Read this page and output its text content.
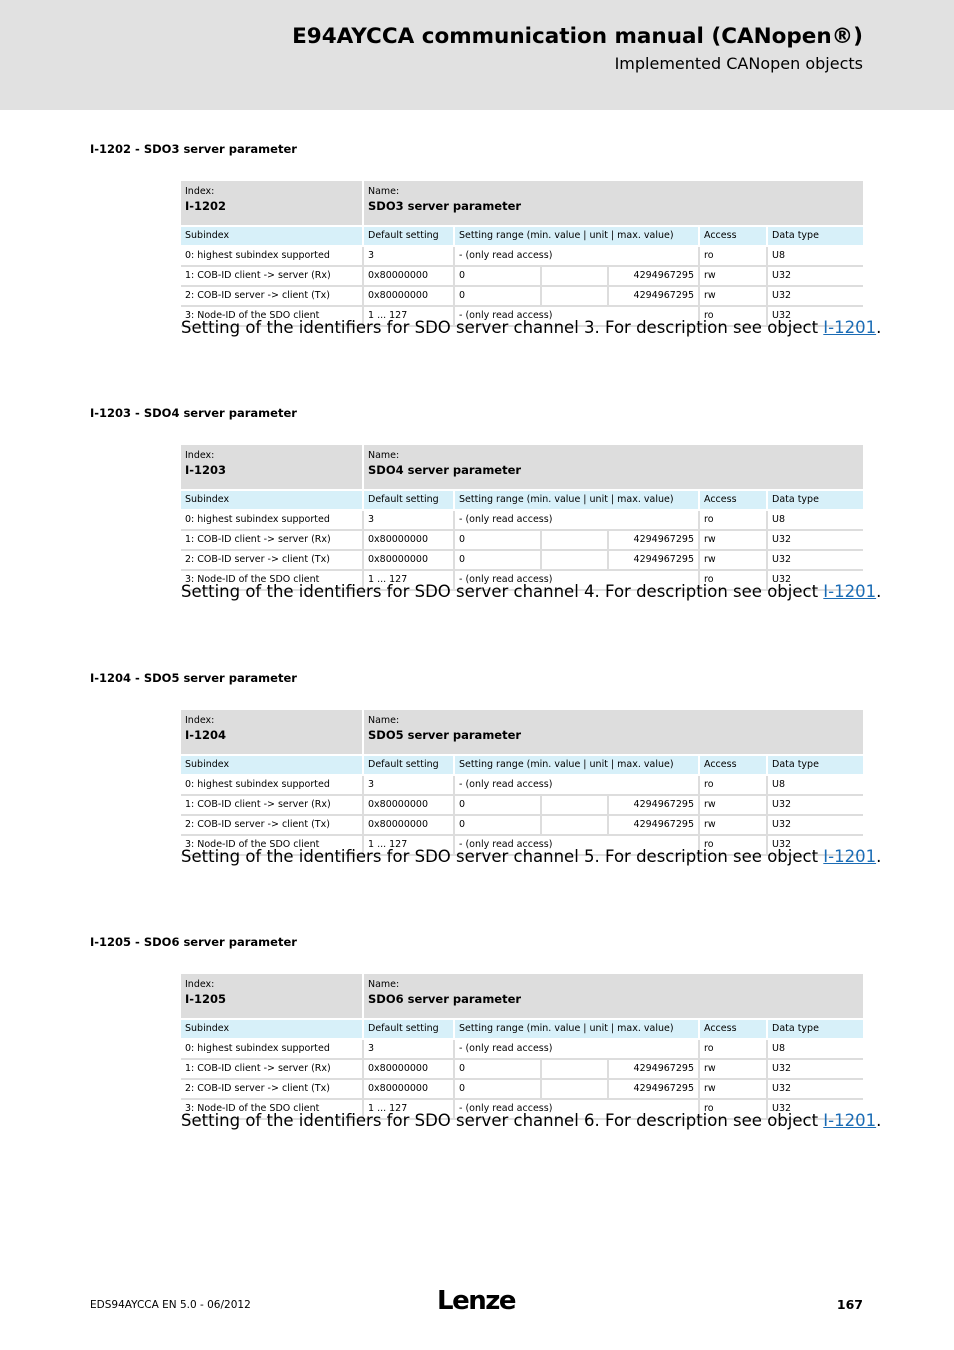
E94AYCCA communication manual (CANopen®)
Implemented CANopen objects
I-1202 - SDO3 server parameter
Index:
I-1202	Name:
SDO3 server parameter					

Subindex	Default setting	Setting range (min. value | unit | max. value)			Access	Data type
0: highest subindex supported	3	- (only read access)			ro	U8
1: COB-ID client -> server (Rx)	0x80000000	0		4294967295	rw	U32
2: COB-ID server -> client (Tx)	0x80000000	0		4294967295	rw	U32
3: Node-ID of the SDO client	1 ... 127	- (only read access)			ro	U32
Setting of the identifiers for SDO server channel 3. For description see object I-1201.
I-1203 - SDO4 server parameter
Index:
I-1203	Name:
SDO4 server parameter					

Subindex	Default setting	Setting range (min. value | unit | max. value)			Access	Data type
0: highest subindex supported	3	- (only read access)			ro	U8
1: COB-ID client -> server (Rx)	0x80000000	0		4294967295	rw	U32
2: COB-ID server -> client (Tx)	0x80000000	0		4294967295	rw	U32
3: Node-ID of the SDO client	1 ... 127	- (only read access)			ro	U32
Setting of the identifiers for SDO server channel 4. For description see object I-1201.
I-1204 - SDO5 server parameter
Index:
I-1204	Name:
SDO5 server parameter					

Subindex	Default setting	Setting range (min. value | unit | max. value)			Access	Data type
0: highest subindex supported	3	- (only read access)			ro	U8
1: COB-ID client -> server (Rx)	0x80000000	0		4294967295	rw	U32
2: COB-ID server -> client (Tx)	0x80000000	0		4294967295	rw	U32
3: Node-ID of the SDO client	1 ... 127	- (only read access)			ro	U32
Setting of the identifiers for SDO server channel 5. For description see object I-1201.
I-1205 - SDO6 server parameter
Index:
I-1205	Name:
SDO6 server parameter					

Subindex	Default setting	Setting range (min. value | unit | max. value)			Access	Data type
0: highest subindex supported	3	- (only read access)			ro	U8
1: COB-ID client -> server (Rx)	0x80000000	0		4294967295	rw	U32
2: COB-ID server -> client (Tx)	0x80000000	0		4294967295	rw	U32
3: Node-ID of the SDO client	1 ... 127	- (only read access)			ro	U32
Setting of the identifiers for SDO server channel 6. For description see object I-1201.
EDS94AYCCA EN 5.0 - 06/2012	Lenze	167
